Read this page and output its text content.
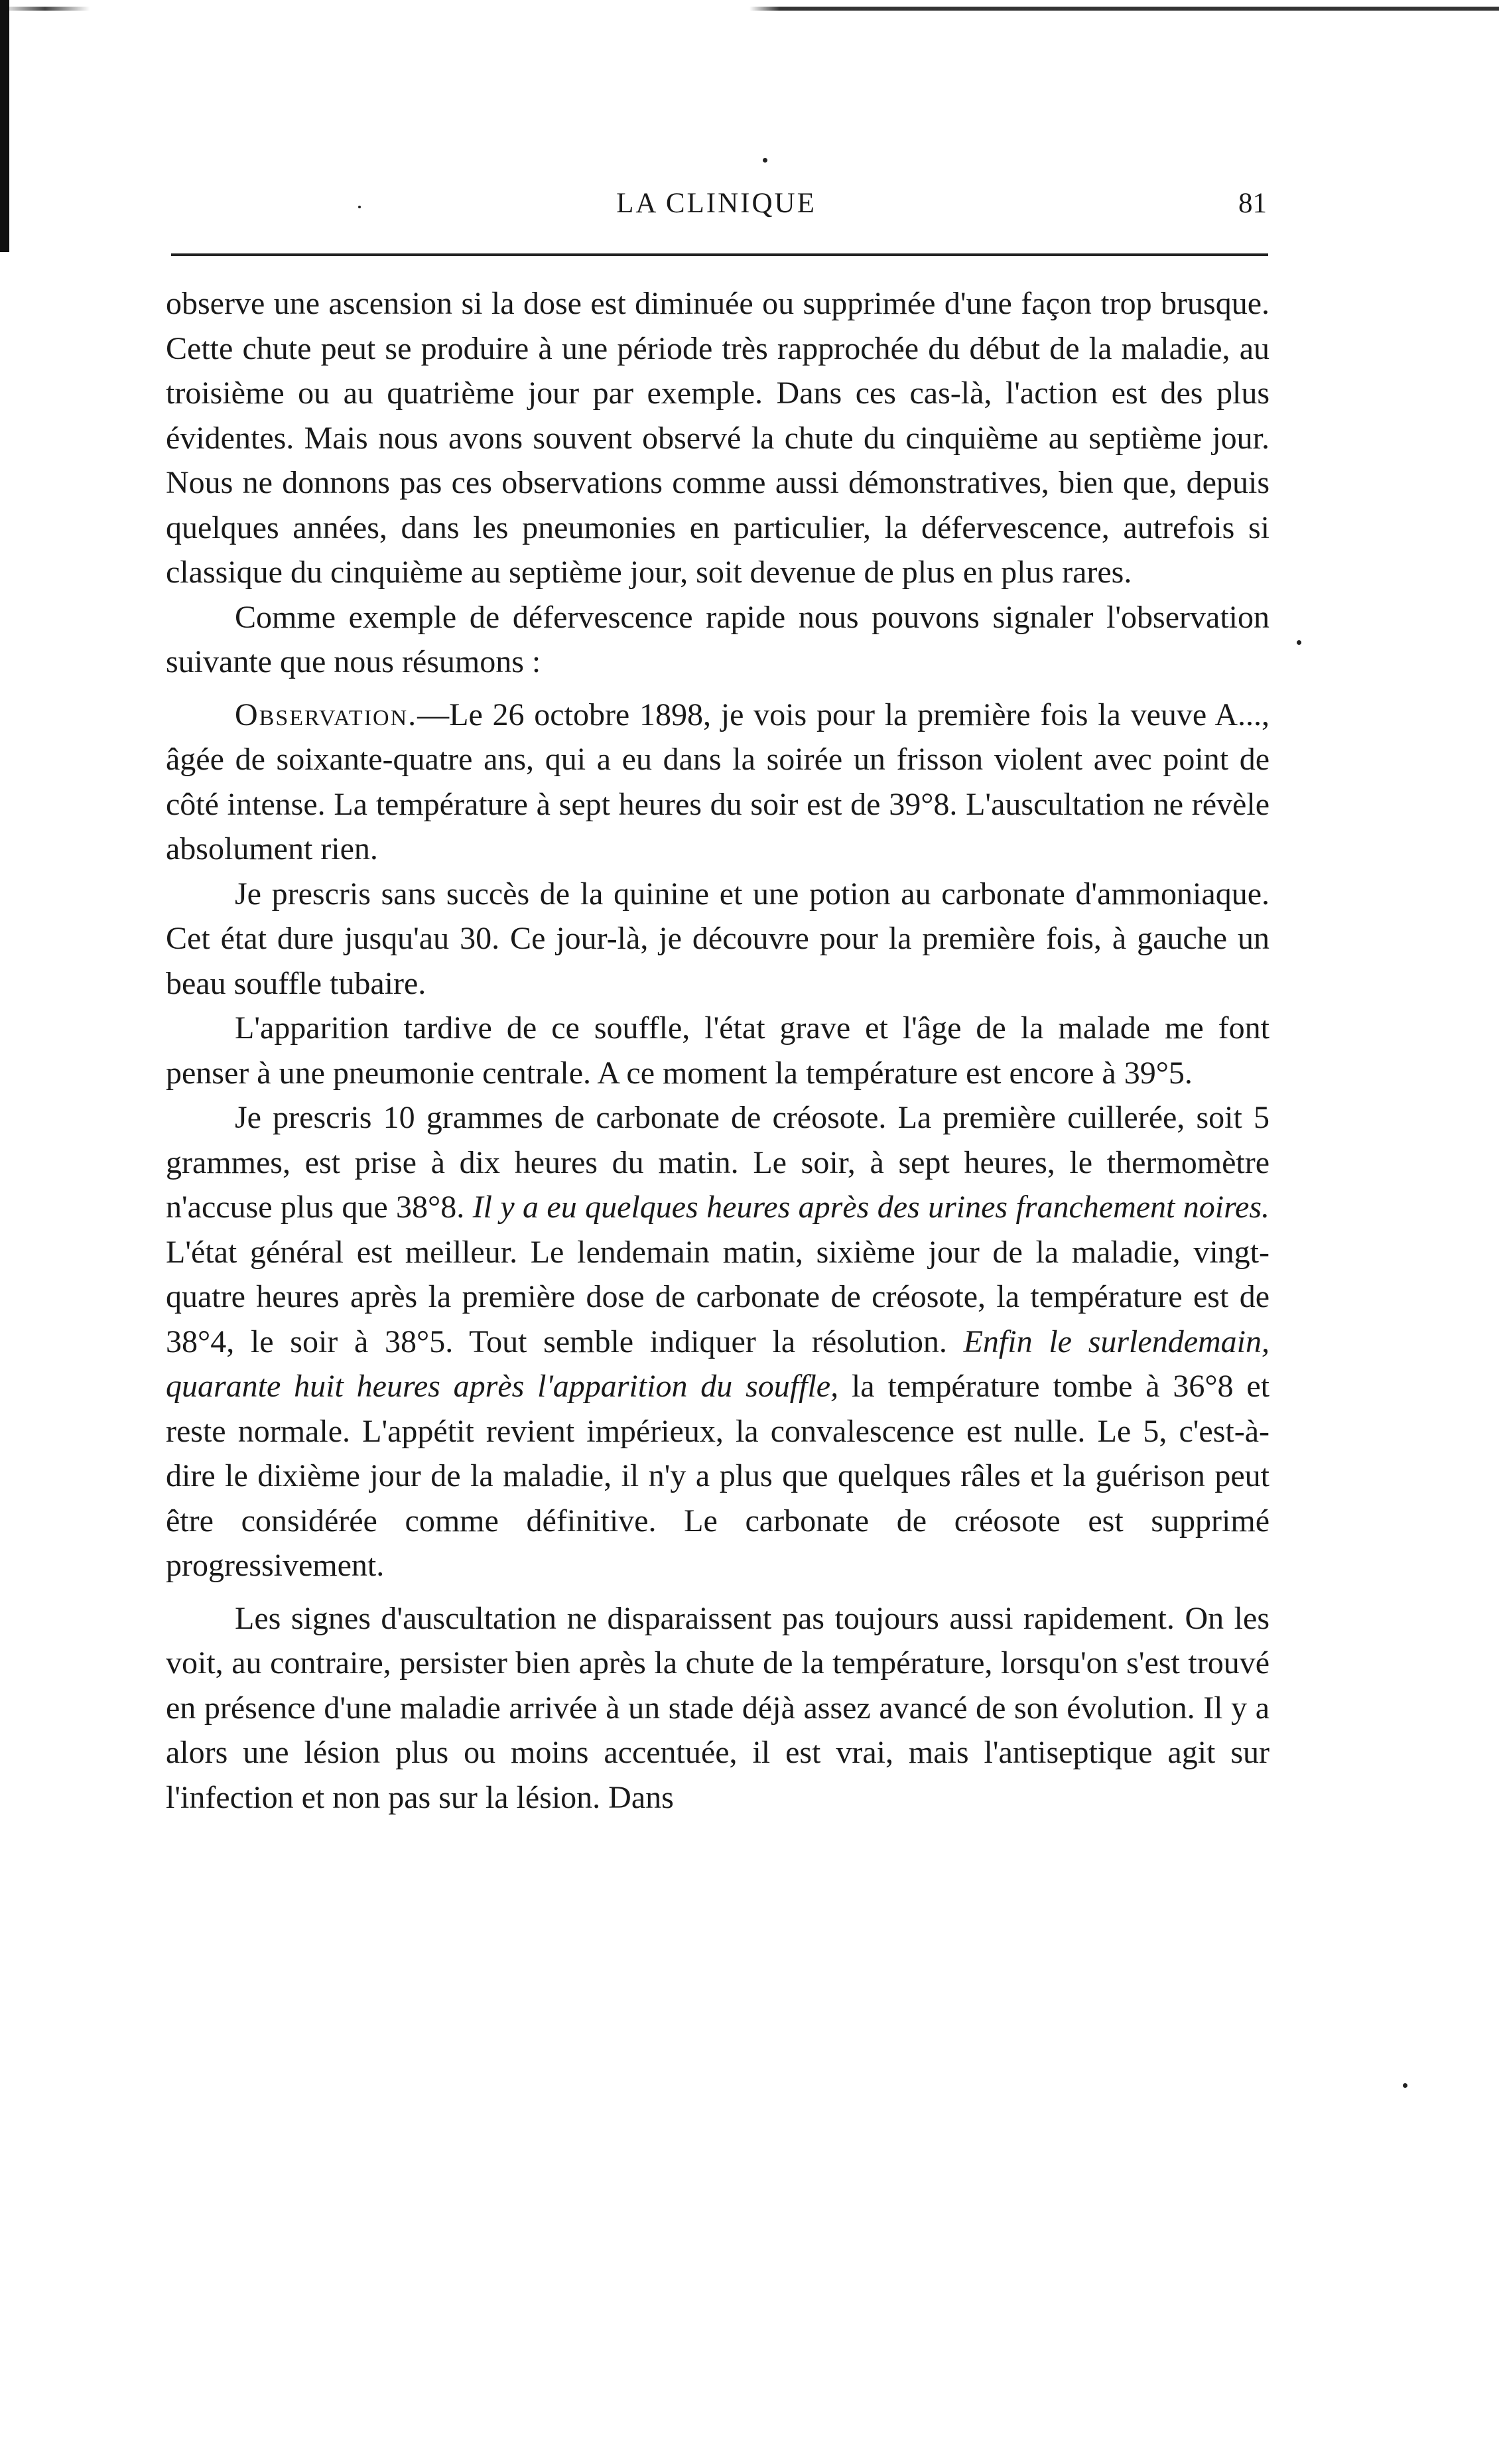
LA CLINIQUE	81

observe une ascension si la dose est diminuée ou supprimée d'une façon trop brusque. Cette chute peut se produire à une période très rapprochée du début de la maladie, au troisième ou au quatrième jour par exemple. Dans ces cas-là, l'action est des plus évidentes. Mais nous avons souvent observé la chute du cinquième au septième jour. Nous ne donnons pas ces observations comme aussi démonstratives, bien que, depuis quelques années, dans les pneumonies en particulier, la défervescence, autrefois si classique du cinquième au septième jour, soit devenue de plus en plus rares.

Comme exemple de défervescence rapide nous pouvons signaler l'observation suivante que nous résumons :

Observation.—Le 26 octobre 1898, je vois pour la première fois la veuve A..., âgée de soixante-quatre ans, qui a eu dans la soirée un frisson violent avec point de côté intense. La température à sept heures du soir est de 39°8. L'auscultation ne révèle absolument rien.

Je prescris sans succès de la quinine et une potion au carbonate d'ammoniaque. Cet état dure jusqu'au 30. Ce jour-là, je découvre pour la première fois, à gauche un beau souffle tubaire.

L'apparition tardive de ce souffle, l'état grave et l'âge de la malade me font penser à une pneumonie centrale. A ce moment la température est encore à 39°5.

Je prescris 10 grammes de carbonate de créosote. La première cuillerée, soit 5 grammes, est prise à dix heures du matin. Le soir, à sept heures, le thermomètre n'accuse plus que 38°8. Il y a eu quelques heures après des urines franchement noires. L'état général est meilleur. Le lendemain matin, sixième jour de la maladie, vingt-quatre heures après la première dose de carbonate de créosote, la température est de 38°4, le soir à 38°5. Tout semble indiquer la résolution. Enfin le surlendemain, quarante huit heures après l'apparition du souffle, la température tombe à 36°8 et reste normale. L'appétit revient impérieux, la convalescence est nulle. Le 5, c'est-à-dire le dixième jour de la maladie, il n'y a plus que quelques râles et la guérison peut être considérée comme définitive. Le carbonate de créosote est supprimé progressivement.

Les signes d'auscultation ne disparaissent pas toujours aussi rapidement. On les voit, au contraire, persister bien après la chute de la température, lorsqu'on s'est trouvé en présence d'une maladie arrivée à un stade déjà assez avancé de son évolution. Il y a alors une lésion plus ou moins accentuée, il est vrai, mais l'antiseptique agit sur l'infection et non pas sur la lésion. Dans
